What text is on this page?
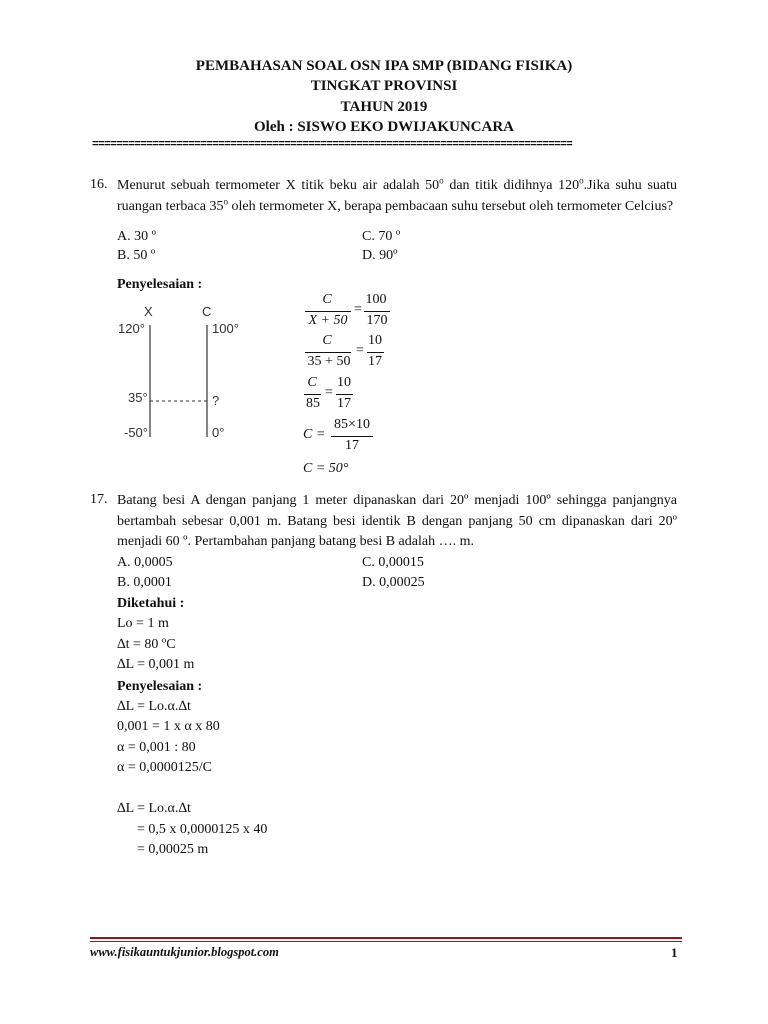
PEMBAHASAN SOAL OSN IPA SMP (BIDANG FISIKA)
TINGKAT PROVINSI
TAHUN 2019
Oleh : SISWO EKO DWIJAKUNCARA
================================================================================
16. Menurut sebuah termometer X titik beku air adalah 50$^o$ dan titik didihnya 120$^o$.Jika suhu suatu ruangan terbaca 35$^o$ oleh termometer X, berapa pembacaan suhu tersebut oleh termometer Celcius?
A. 30 º	C. 70 º
B. 50 º	D. 90º
Penyelesaian :
X	C
120°	100°
35°	?
-50°	0°
C
X + 50
=
100
170
C
35 + 50
=
10
17
C
85
=
10
17
C =
85×10
17
C = 50°
17. Batang besi A dengan panjang 1 meter dipanaskan dari 20º menjadi 100º sehingga panjangnya bertambah sebesar 0,001 m. Batang besi identik B dengan panjang 50 cm dipanaskan dari 20º menjadi 60 º. Pertambahan panjang batang besi B adalah …. m.
A. 0,0005	C. 0,00015
B. 0,0001	D. 0,00025
Diketahui :
Lo = 1 m
∆t = 80 ºC
∆L = 0,001 m
Penyelesaian :
∆L = Lo.α.∆t
0,001 = 1 x α x 80
α = 0,001 : 80
α = 0,0000125/C
∆L = Lo.α.∆t
= 0,5 x 0,0000125 x 40
= 0,00025 m
www.fisikauntukjunior.blogspot.com	1
